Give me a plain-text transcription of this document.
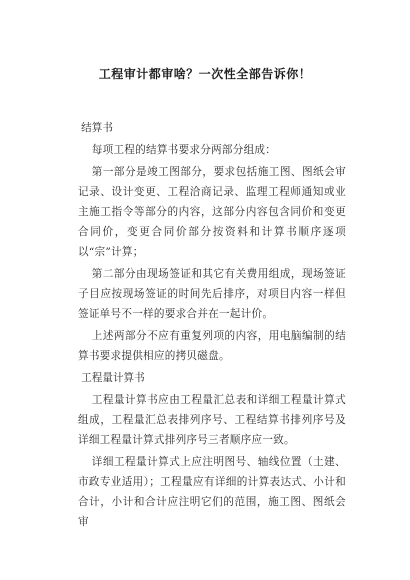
工程审计都审啥？一次性全部告诉你！
结算书

每项工程的结算书要求分两部分组成：

第一部分是竣工图部分，要求包括施工图、图纸会审记录、设计变更、工程洽商记录、监理工程师通知或业主施工指令等部分的内容，这部分内容包含同价和变更合同价，变更合同价部分按资料和计算书顺序逐项以“宗”计算；

第二部分由现场签证和其它有关费用组成，现场签证子目应按现场签证的时间先后排序，对项目内容一样但签证单号不一样的要求合并在一起计价。

上述两部分不应有重复列项的内容，用电脑编制的结算书要求提供相应的拷贝磁盘。

工程量计算书

工程量计算书应由工程量汇总表和详细工程量计算式组成，工程量汇总表排列序号、工程结算书排列序号及详细工程量计算式排列序号三者顺序应一致。

详细工程量计算式上应注明图号、轴线位置（土建、市政专业适用）；工程量应有详细的计算表达式、小计和合计，小计和合计应注明它们的范围，施工图、图纸会审
